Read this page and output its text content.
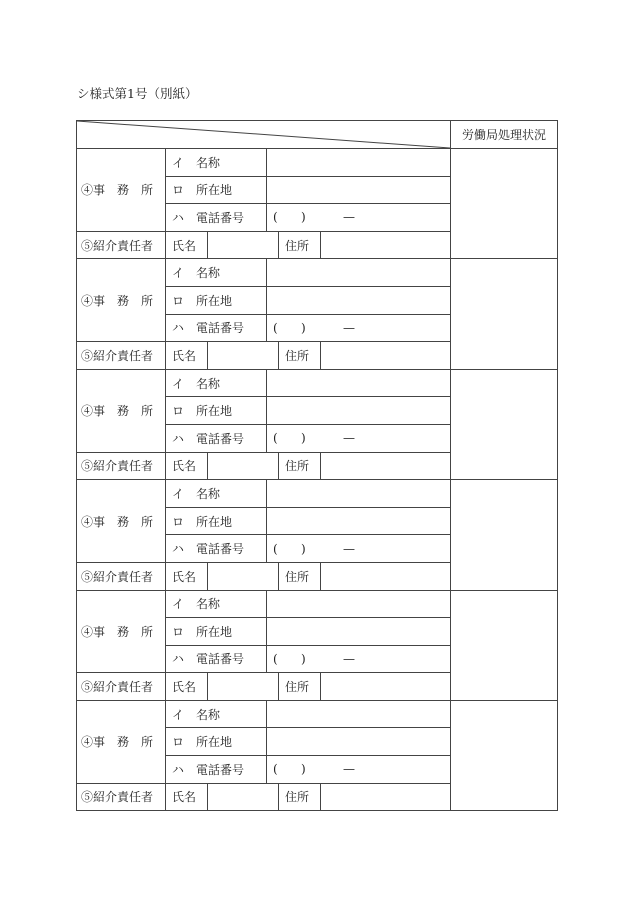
シ様式第1号（別紙）
	労働局処理状況
④事　務　所	イ 名称					
	ロ 所在地					
	ハ 電話番号		( ) —			

⑤紹介責任者	氏名			住所		
④事　務　所	イ 名称					
	ロ 所在地					
	ハ 電話番号		( ) —			

⑤紹介責任者	氏名			住所		
④事　務　所	イ 名称					
	ロ 所在地					
	ハ 電話番号		( ) —			

⑤紹介責任者	氏名			住所		
④事　務　所	イ 名称					
	ロ 所在地					
	ハ 電話番号		( ) —			

⑤紹介責任者	氏名			住所		
④事　務　所	イ 名称					
	ロ 所在地					
	ハ 電話番号		( ) —			

⑤紹介責任者	氏名			住所		
④事　務　所	イ 名称					
	ロ 所在地					
	ハ 電話番号		( ) —			

⑤紹介責任者	氏名			住所		
